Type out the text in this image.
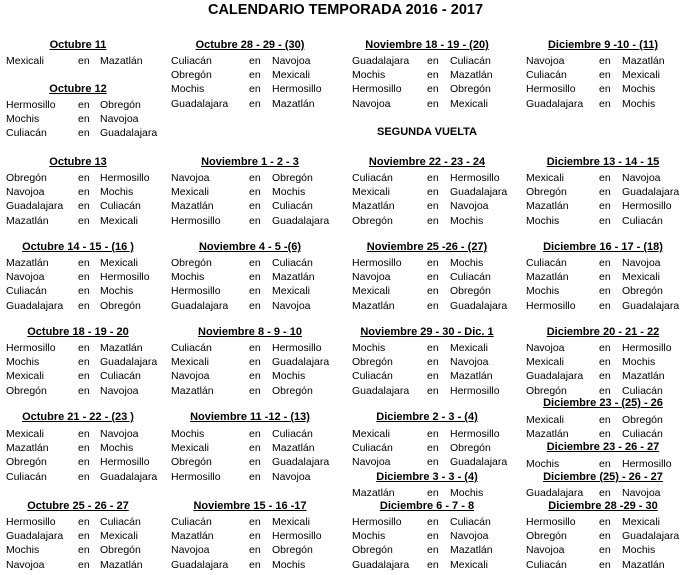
CALENDARIO TEMPORADA 2016 - 2017
Octubre 11
Mexicali	en Mazatlán
Octubre 12
Hermosillo en Obregón
Mochis	en Navojoa
Culiacán	en Guadalajara
Octubre 13
Obregón	en Hermosillo
Navojoa	en Mochis
Guadalajara en Culiacán
Mazatlán	en Mexicali
Octubre 14 - 15 - (16 )
Mazatlán	en Mexicali
Navojoa	en Hermosillo
Culiacán	en Mochis
Guadalajara en Obregón
Octubre 18 - 19 - 20
Hermosillo en Mazatlán
Mochis	en Guadalajara
Mexicali	en Culiacán
Obregón	en Navojoa
Octubre 21 - 22 - (23 )
Mexicali	en Navojoa
Mazatlán	en Mochis
Obregón	en Hermosillo
Culiacán	en Guadalajara
Octubre 25 - 26 - 27
Hermosillo en Culiacán
Guadalajara en Mexicali
Mochis	en Obregón
Navojoa	en Mazatlán
Octubre 28 - 29 - (30)
Culiacán	en Navojoa
Obregón	en Mexicali
Mochis	en Hermosillo
Guadalajara en Mazatlán
Noviembre 1 - 2 - 3
Navojoa	en Obregón
Mexicali	en Mochis
Mazatlán	en Culiacán
Hermosillo	en Guadalajara
Noviembre 4 - 5 -(6)
Obregón	en Culiacán
Mochis	en Mazatlán
Hermosillo	en Mexicali
Guadalajara en Navojoa
Noviembre 8 - 9 - 10
Culiacán	en Hermosillo
Mexicali	en Guadalajara
Navojoa	en Mochis
Mazatlán	en Obregón
Noviembre 11 -12 - (13)
Mochis	en Culiacán
Mexicali	en Mazatlán
Obregón	en Guadalajara
Hermosillo	en Navojoa
Noviembre 15 - 16 -17
Culiacán	en Mexicali
Mazatlán	en Hermosillo
Navojoa	en Obregón
Guadalajara en Mochis
Noviembre 18 - 19 - (20)
Guadalajara en Culiacán
Mochis	en Mazatlán
Hermosillo en Obregón
Navojoa	en Mexicali
Noviembre 22 - 23 - 24
Culiacán	en Hermosillo
Mexicali	en Guadalajara
Mazatlán	en Navojoa
Obregón	en Mochis
Noviembre 25 -26 - (27)
Hermosillo en Mochis
Navojoa	en Culiacán
Mexicali	en Obregón
Mazatlán	en Guadalajara
Noviembre 29 - 30 - Dic. 1
Mochis	en Mexicali
Obregón	en Navojoa
Culiacán	en Mazatlán
Guadalajara en Hermosillo
Diciembre 2 - 3 - (4)
Mexicali	en Hermosillo
Culiacán	en Obregón
Navojoa	en Guadalajara
Diciembre 3 - 3 - (4)
Mazatlán	en Mochis
Diciembre 6 - 7 - 8
Hermosillo en Culiacán
Mochis	en Navojoa
Obregón	en Mazatlán
Guadalajara en Mexicali
Diciembre 9 -10 - (11)
Navojoa	en Mazatlán
Culiacán	en Mexicali
Hermosillo en Mochis
Guadalajara en Mochis
Diciembre 13 - 14 - 15
Mexicali	en Navojoa
Obregón	en Guadalajara
Mazatlán	en Hermosillo
Mochis	en Culiacán
Diciembre 16 - 17 - (18)
Culiacán	en Navojoa
Mazatlán	en Mexicali
Mochis	en Obregón
Hermosillo en Guadalajara
Diciembre 20 - 21 - 22
Navojoa	en Hermosillo
Mexicali	en Mochis
Guadalajara en Mazatlán
Obregón	en Culiacán
Diciembre 23 - (25) - 26
Mexicali	en Obregón
Mazatlán	en Culiacán
Diciembre 23 - 26 - 27
Mochis	en Hermosillo
Diciembre (25) - 26 - 27
Guadalajara en Navojoa
Diciembre 28 -29 - 30
Hermosillo en Mexicali
Obregón	en Guadalajara
Navojoa	en Mochis
Culiacán	en Mazatlán
SEGUNDA VUELTA
